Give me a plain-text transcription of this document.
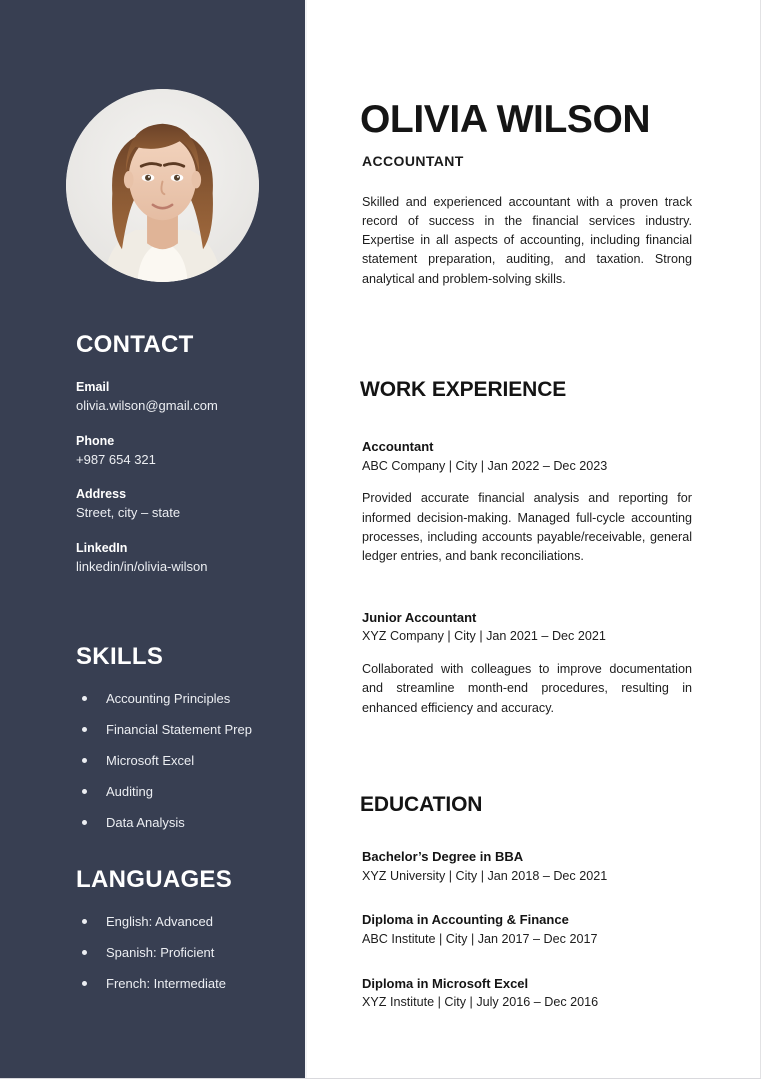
CONTACT
Email
olivia.wilson@gmail.com
Phone
+987 654 321
Address
Street, city – state
LinkedIn
linkedin/in/olivia-wilson
SKILLS
Accounting Principles
Financial Statement Prep
Microsoft Excel
Auditing
Data Analysis
LANGUAGES
English: Advanced
Spanish: Proficient
French: Intermediate
OLIVIA WILSON
ACCOUNTANT

Skilled and experienced accountant with a proven track record of success in the financial services industry. Expertise in all aspects of accounting, including financial statement preparation, auditing, and taxation. Strong analytical and problem-solving skills.

WORK EXPERIENCE
Accountant
ABC Company | City | Jan 2022 – Dec 2023

Provided accurate financial analysis and reporting for informed decision-making. Managed full-cycle accounting processes, including accounts payable/receivable, general ledger entries, and bank reconciliations.

Junior Accountant
XYZ Company | City | Jan 2021 – Dec 2021

Collaborated with colleagues to improve documentation and streamline month-end procedures, resulting in enhanced efficiency and accuracy.

EDUCATION
Bachelor’s Degree in BBA
XYZ University | City | Jan 2018 – Dec 2021
Diploma in Accounting & Finance
ABC Institute | City | Jan 2017 – Dec 2017
Diploma in Microsoft Excel
XYZ Institute | City | July 2016 – Dec 2016
